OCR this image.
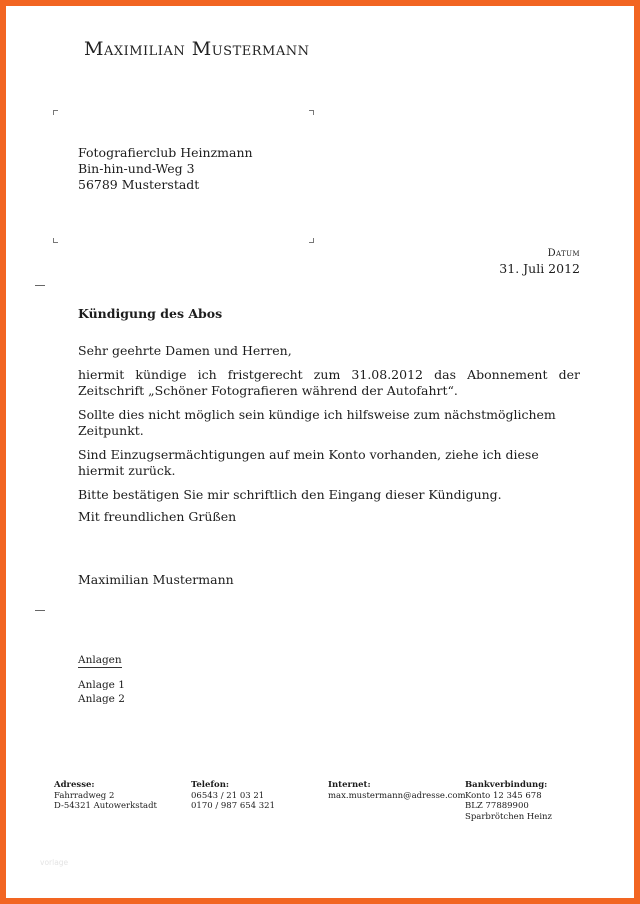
Maximilian Mustermann
Fotografierclub Heinzmann
Bin-hin-und-Weg 3
56789 Musterstadt
Datum
31. Juli 2012
Kündigung des Abos

Sehr geehrte Damen und Herren,

hiermit kündige ich fristgerecht zum 31.08.2012 das Abonnement der Zeitschrift „Schöner Fotografieren während der Autofahrt“.

Sollte dies nicht möglich sein kündige ich hilfsweise zum nächstmöglichem Zeitpunkt.

Sind Einzugsermächtigungen auf mein Konto vorhanden, ziehe ich diese hiermit zurück.

Bitte bestätigen Sie mir schriftlich den Eingang dieser Kündigung.

Mit freundlichen Grüßen
Maximilian Mustermann
Anlagen
Anlage 1
Anlage 2
Adresse:
Fahrradweg 2
D-54321 Autowerkstadt
Telefon:
06543 / 21 03 21
0170 / 987 654 321
Internet:
max.mustermann@adresse.com
Bankverbindung:
Konto 12 345 678
BLZ 77889900
Sparbrötchen Heinz
vorlage
